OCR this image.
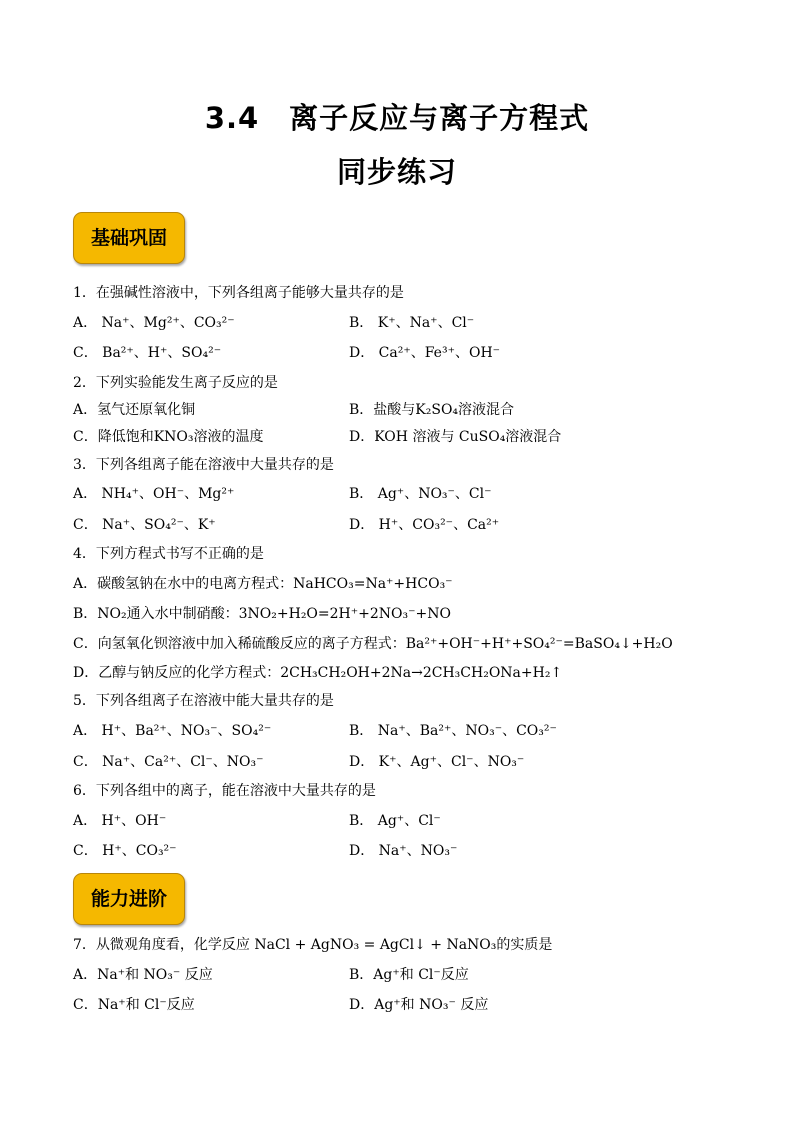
3.4　离子反应与离子方程式
同步练习
基础巩固
1．在强碱性溶液中，下列各组离子能够大量共存的是
A． Na⁺、Mg²⁺、CO₃²⁻	B． K⁺、Na⁺、Cl⁻
C． Ba²⁺、H⁺、SO₄²⁻	D． Ca²⁺、Fe³⁺、OH⁻
2．下列实验能发生离子反应的是
A．氢气还原氧化铜	B．盐酸与K₂SO₄溶液混合
C．降低饱和KNO₃溶液的温度	D．KOH 溶液与 CuSO₄溶液混合
3．下列各组离子能在溶液中大量共存的是
A． NH₄⁺、OH⁻、Mg²⁺	B． Ag⁺、NO₃⁻、Cl⁻
C． Na⁺、SO₄²⁻、K⁺	D． H⁺、CO₃²⁻、Ca²⁺
4．下列方程式书写不正确的是
A．碳酸氢钠在水中的电离方程式：NaHCO₃=Na⁺+HCO₃⁻
B．NO₂通入水中制硝酸：3NO₂+H₂O=2H⁺+2NO₃⁻+NO
C．向氢氧化钡溶液中加入稀硫酸反应的离子方程式：Ba²⁺+OH⁻+H⁺+SO₄²⁻=BaSO₄↓+H₂O
D．乙醇与钠反应的化学方程式：2CH₃CH₂OH+2Na→2CH₃CH₂ONa+H₂↑
5．下列各组离子在溶液中能大量共存的是
A． H⁺、Ba²⁺、NO₃⁻、SO₄²⁻	B． Na⁺、Ba²⁺、NO₃⁻、CO₃²⁻
C． Na⁺、Ca²⁺、Cl⁻、NO₃⁻	D． K⁺、Ag⁺、Cl⁻、NO₃⁻
6．下列各组中的离子，能在溶液中大量共存的是
A． H⁺、OH⁻	B． Ag⁺、Cl⁻
C． H⁺、CO₃²⁻	D． Na⁺、NO₃⁻
能力进阶
7．从微观角度看，化学反应 NaCl + AgNO₃ = AgCl↓ + NaNO₃的实质是
A．Na⁺和 NO₃⁻ 反应	B．Ag⁺和 Cl⁻反应
C．Na⁺和 Cl⁻反应	D．Ag⁺和 NO₃⁻ 反应
